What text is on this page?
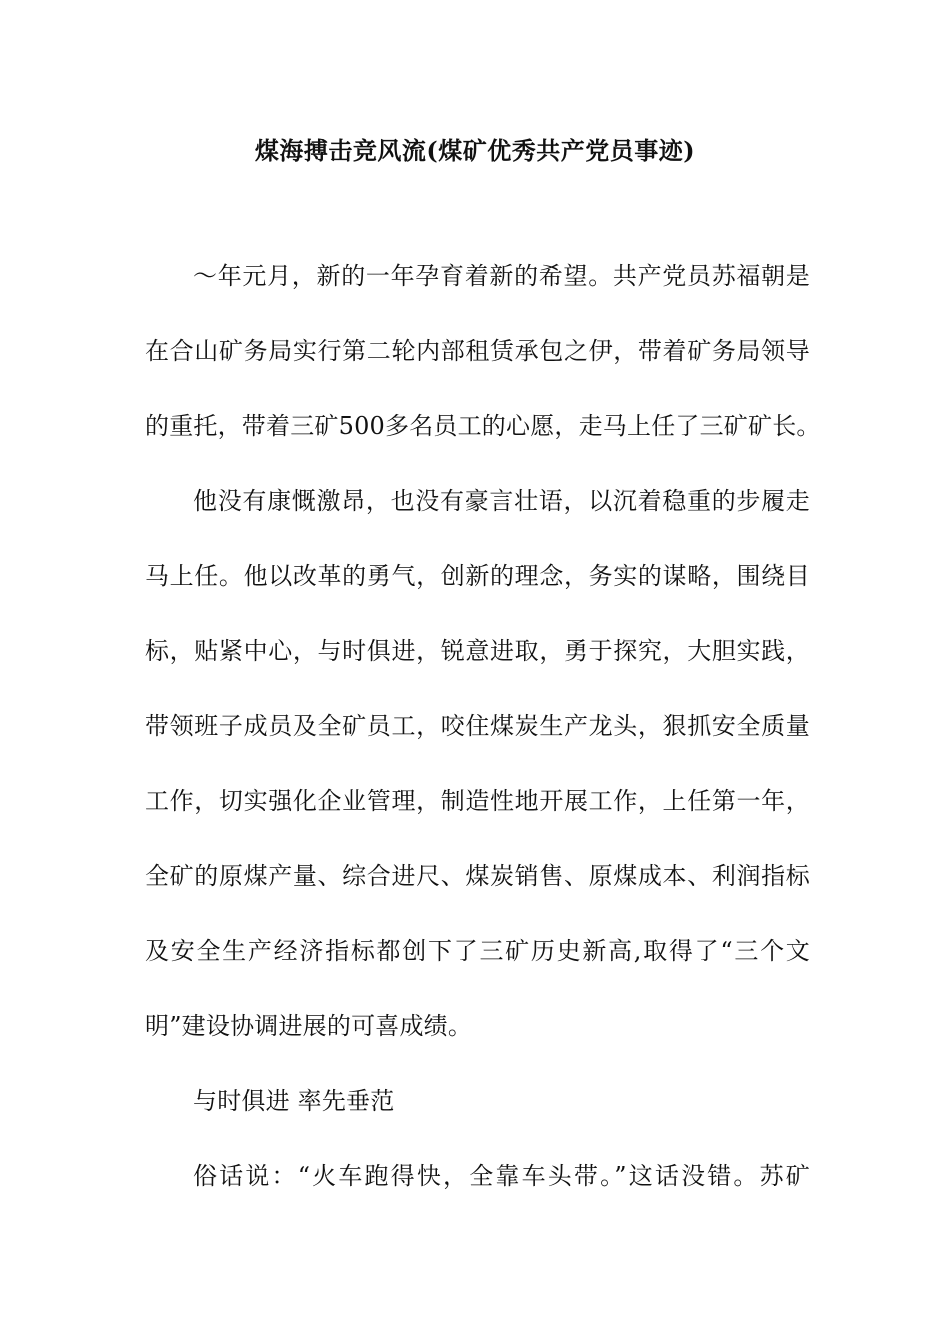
煤海搏击竞风流(煤矿优秀共产党员事迹)
～年元月，新的一年孕育着新的希望。共产党员苏福朝是
在合山矿务局实行第二轮内部租赁承包之伊，带着矿务局领导
的重托，带着三矿500多名员工的心愿，走马上任了三矿矿长。
他没有康慨激昂，也没有豪言壮语，以沉着稳重的步履走
马上任。他以改革的勇气，创新的理念，务实的谋略，围绕目
标，贴紧中心，与时俱进，锐意进取，勇于探究，大胆实践，
带领班子成员及全矿员工，咬住煤炭生产龙头，狠抓安全质量
工作，切实强化企业管理，制造性地开展工作，上任第一年，
全矿的原煤产量、综合进尺、煤炭销售、原煤成本、利润指标
及安全生产经济指标都创下了三矿历史新高,取得了“三个文
明”建设协调进展的可喜成绩。
与时俱进 率先垂范
俗话说：“火车跑得快，全靠车头带。”这话没错。苏矿
